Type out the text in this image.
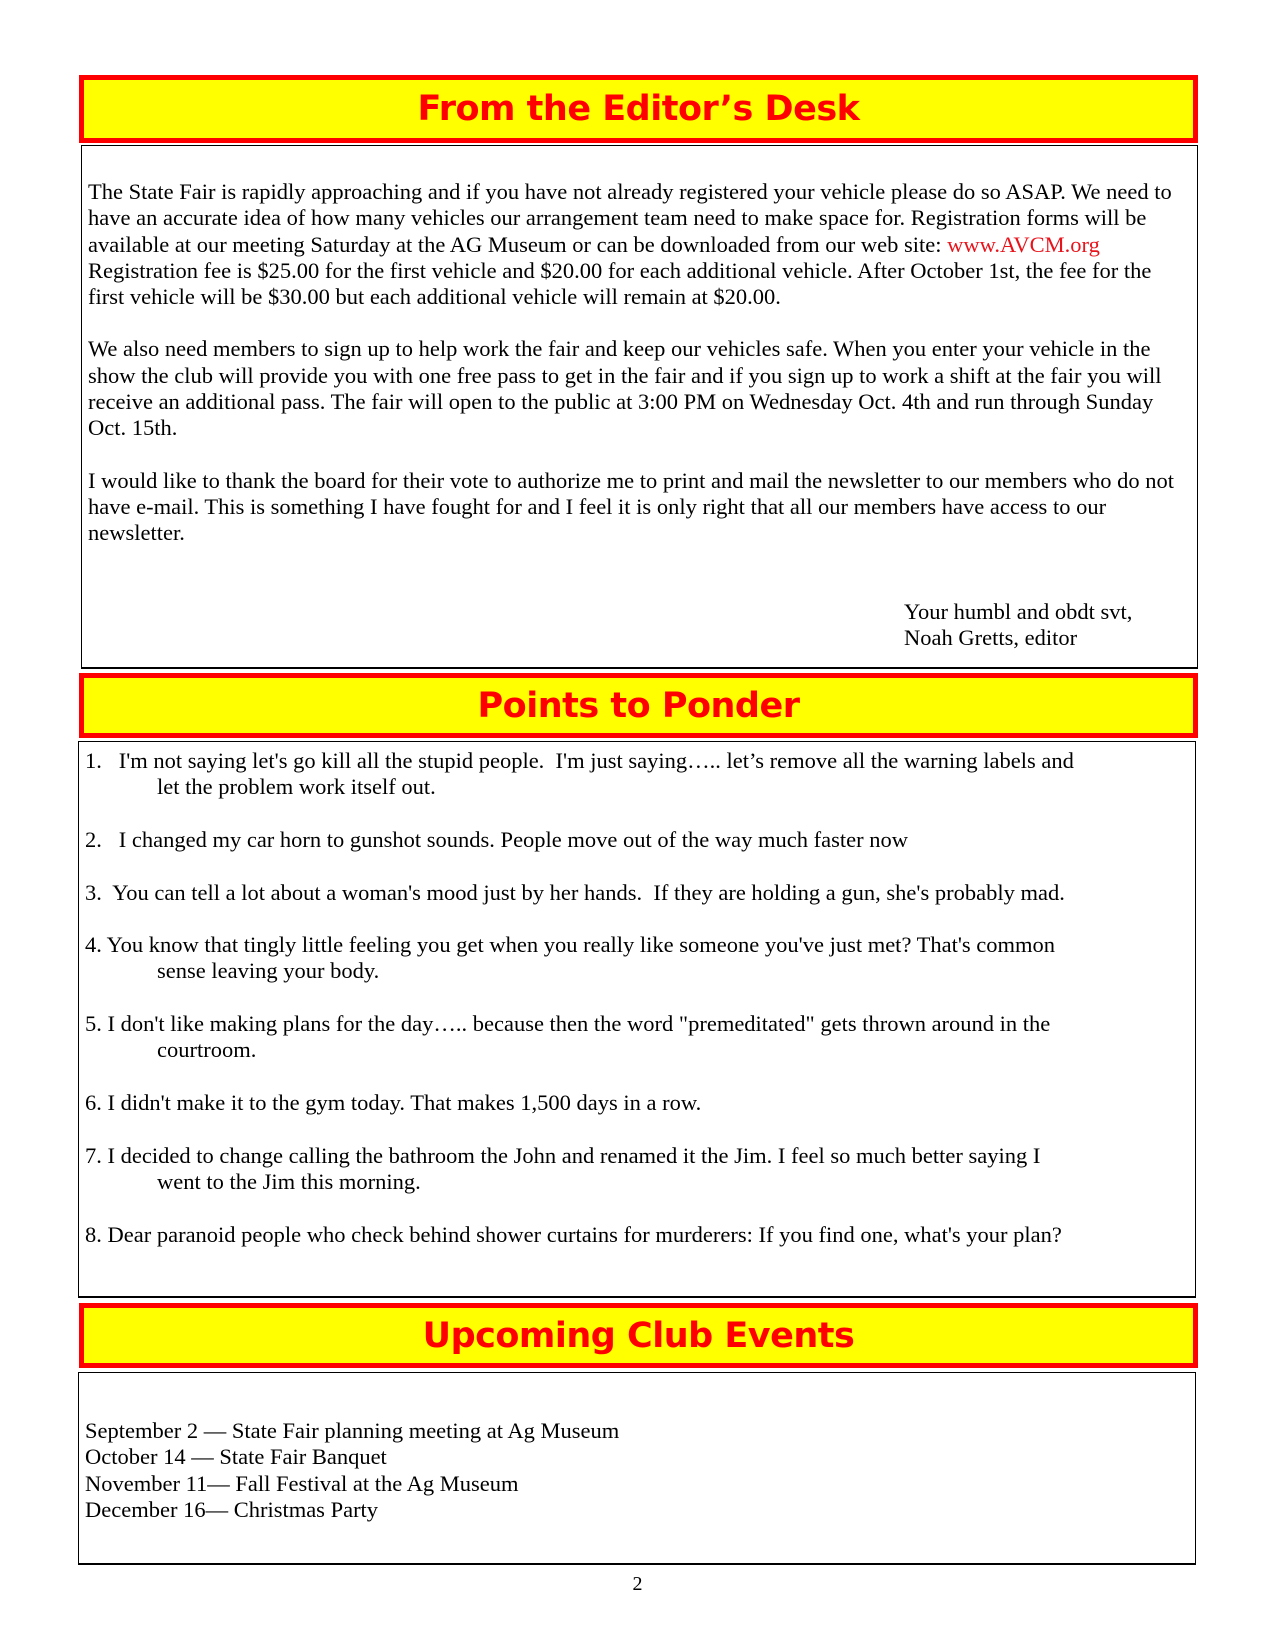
From the Editor’s Desk

The State Fair is rapidly approaching and if you have not already registered your vehicle please do so ASAP. We need to have an accurate idea of how many vehicles our arrangement team need to make space for. Registration forms will be available at our meeting Saturday at the AG Museum or can be downloaded from our web site: www.AVCM.org Registration fee is $25.00 for the first vehicle and $20.00 for each additional vehicle. After October 1st, the fee for the first vehicle will be $30.00 but each additional vehicle will remain at $20.00.

We also need members to sign up to help work the fair and keep our vehicles safe. When you enter your vehicle in the show the club will provide you with one free pass to get in the fair and if you sign up to work a shift at the fair you will receive an additional pass. The fair will open to the public at 3:00 PM on Wednesday Oct. 4th and run through Sunday Oct. 15th.

I would like to thank the board for their vote to authorize me to print and mail the newsletter to our members who do not have e-mail. This is something I have fought for and I feel it is only right that all our members have access to our newsletter.

Your humbl and obdt svt,
Noah Gretts, editor
Points to Ponder
1.   I'm not saying let's go kill all the stupid people.  I'm just saying….. let’s remove all the warning labels and
let the problem work itself out.
2.   I changed my car horn to gunshot sounds. People move out of the way much faster now
3.  You can tell a lot about a woman's mood just by her hands.  If they are holding a gun, she's probably mad.
4. You know that tingly little feeling you get when you really like someone you've just met? That's common
sense leaving your body.
5. I don't like making plans for the day….. because then the word "premeditated" gets thrown around in the
courtroom.
6. I didn't make it to the gym today. That makes 1,500 days in a row.
7. I decided to change calling the bathroom the John and renamed it the Jim. I feel so much better saying I
went to the Jim this morning.
8. Dear paranoid people who check behind shower curtains for murderers: If you find one, what's your plan?
Upcoming Club Events
September 2 — State Fair planning meeting at Ag Museum
October 14 — State Fair Banquet
November 11— Fall Festival at the Ag Museum
December 16— Christmas Party
2
